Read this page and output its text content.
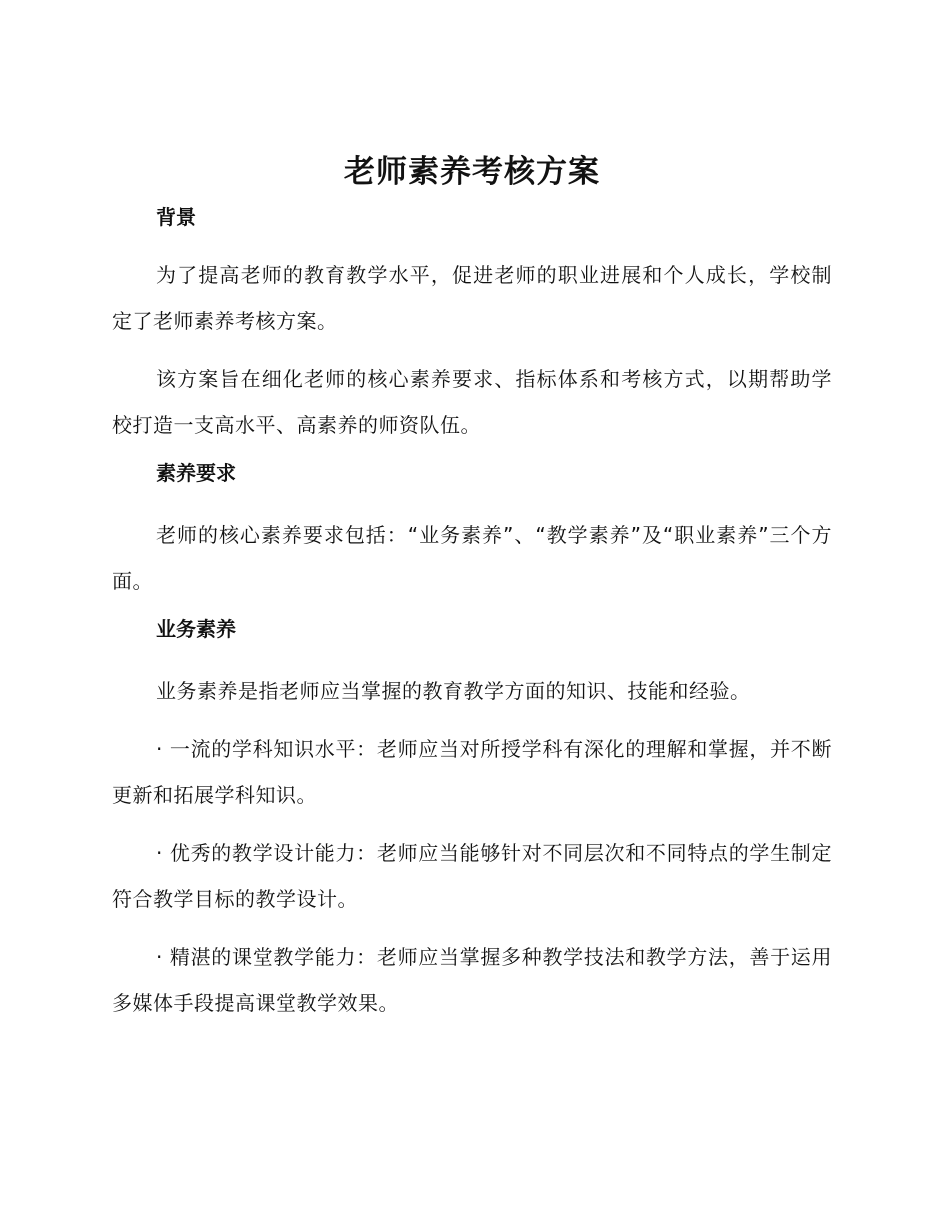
老师素养考核方案
背景

为了提高老师的教育教学水平，促进老师的职业进展和个人成长，学校制定了老师素养考核方案。

该方案旨在细化老师的核心素养要求、指标体系和考核方式，以期帮助学校打造一支高水平、高素养的师资队伍。

素养要求

老师的核心素养要求包括：“业务素养”、“教学素养”及“职业素养”三个方面。

业务素养

业务素养是指老师应当掌握的教育教学方面的知识、技能和经验。

· 一流的学科知识水平：老师应当对所授学科有深化的理解和掌握，并不断更新和拓展学科知识。

· 优秀的教学设计能力：老师应当能够针对不同层次和不同特点的学生制定符合教学目标的教学设计。

· 精湛的课堂教学能力：老师应当掌握多种教学技法和教学方法，善于运用多媒体手段提高课堂教学效果。
